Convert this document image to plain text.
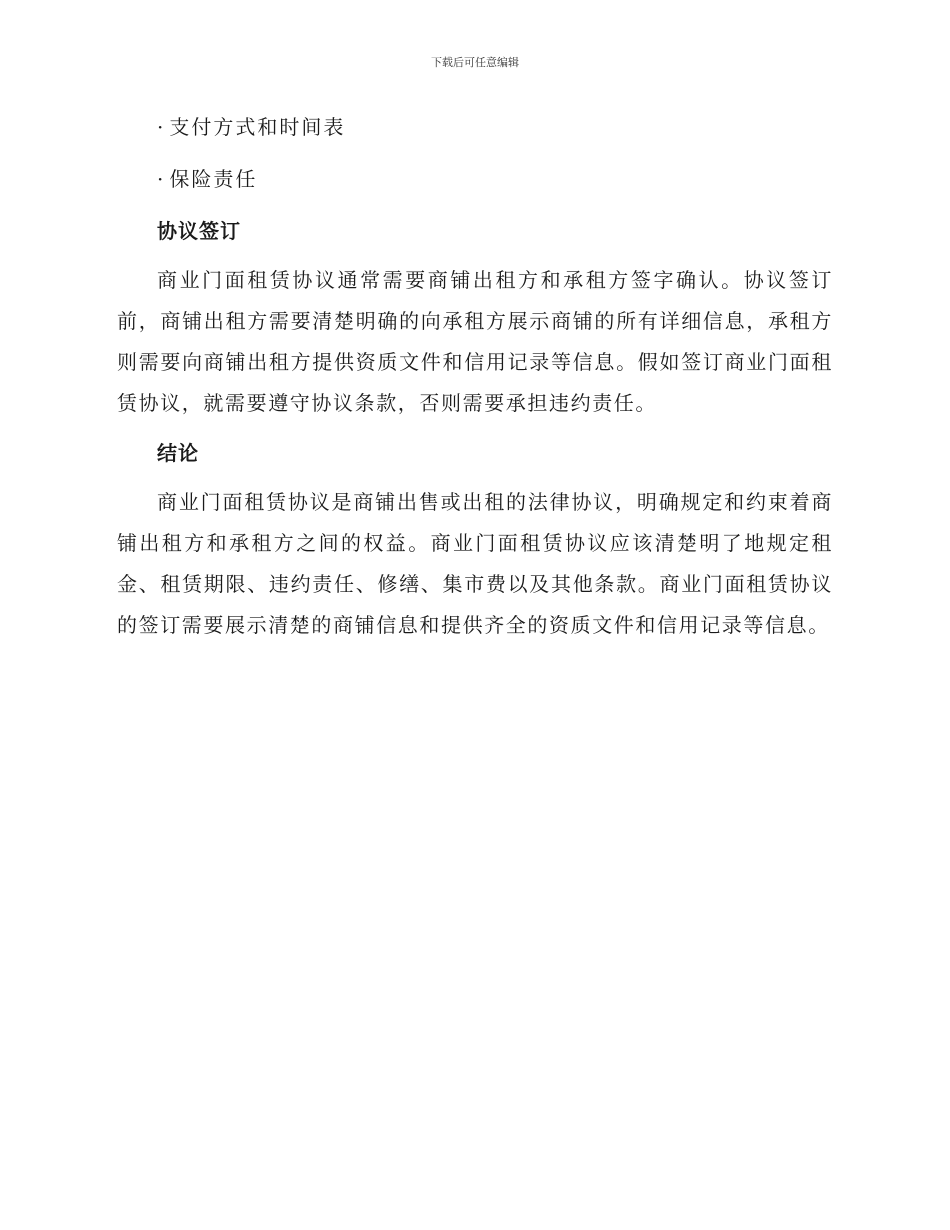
下载后可任意编辑
· 支付方式和时间表
· 保险责任
协议签订

商业门面租赁协议通常需要商铺出租方和承租方签字确认。协议签订前，商铺出租方需要清楚明确的向承租方展示商铺的所有详细信息，承租方则需要向商铺出租方提供资质文件和信用记录等信息。假如签订商业门面租赁协议，就需要遵守协议条款，否则需要承担违约责任。

结论

商业门面租赁协议是商铺出售或出租的法律协议，明确规定和约束着商铺出租方和承租方之间的权益。商业门面租赁协议应该清楚明了地规定租金、租赁期限、违约责任、修缮、集市费以及其他条款。商业门面租赁协议的签订需要展示清楚的商铺信息和提供齐全的资质文件和信用记录等信息。
